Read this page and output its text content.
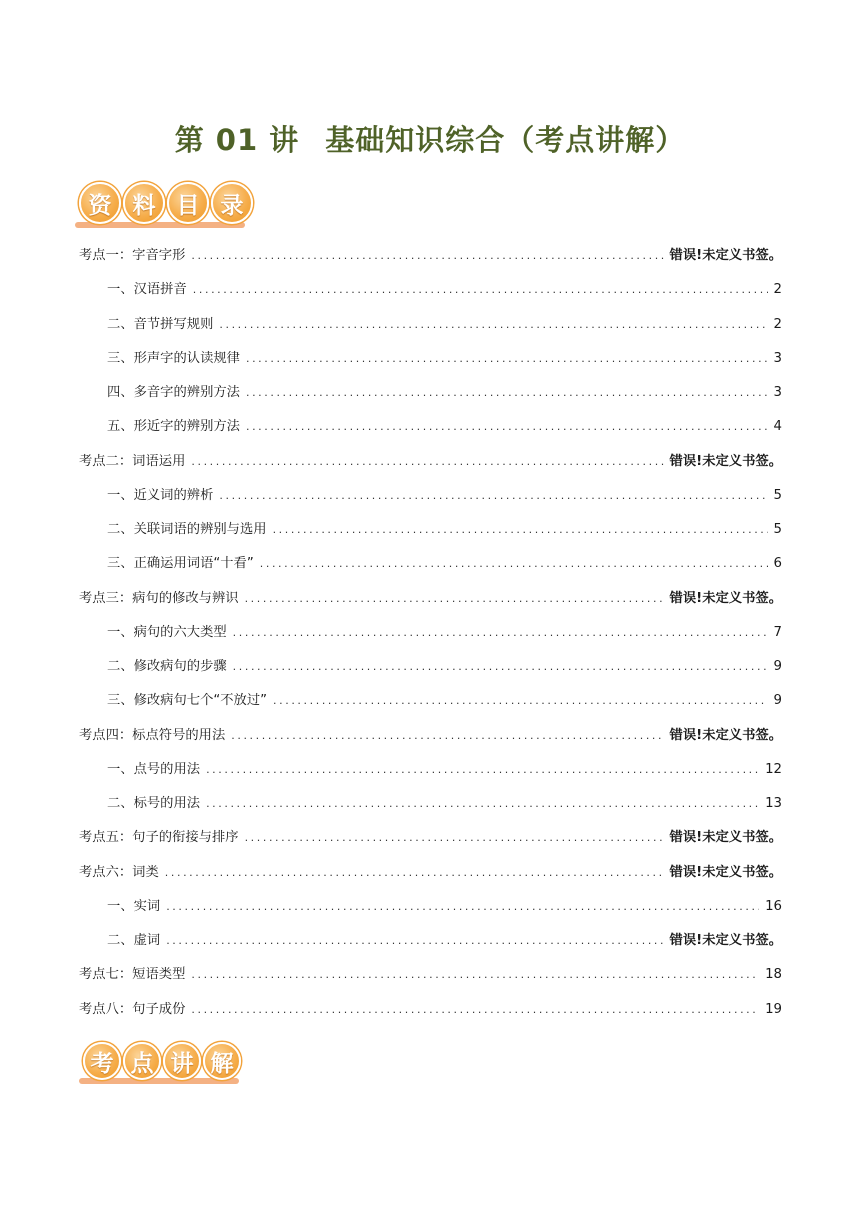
第 01 讲 基础知识综合（考点讲解）
资 料 目 录
考点一：字音字形 .....	错误!未定义书签。
一、汉语拼音 .....	2
二、音节拼写规则 .....	2
三、形声字的认读规律 .....	3
四、多音字的辨别方法 .....	3
五、形近字的辨别方法 .....	4
考点二：词语运用 .....	错误!未定义书签。
一、近义词的辨析 .....	5
二、关联词语的辨别与选用 .....	5
三、正确运用词语“十看” .....	6
考点三：病句的修改与辨识 .....	错误!未定义书签。
一、病句的六大类型 .....	7
二、修改病句的步骤 .....	9
三、修改病句七个“不放过” .....	9
考点四：标点符号的用法 .....	错误!未定义书签。
一、点号的用法 .....	12
二、标号的用法 .....	13
考点五：句子的衔接与排序 .....	错误!未定义书签。
考点六：词类 .....	错误!未定义书签。
一、实词 .....	16
二、虚词 .....	错误!未定义书签。
考点七：短语类型 .....	18
考点八：句子成份 .....	19
考 点 讲 解
